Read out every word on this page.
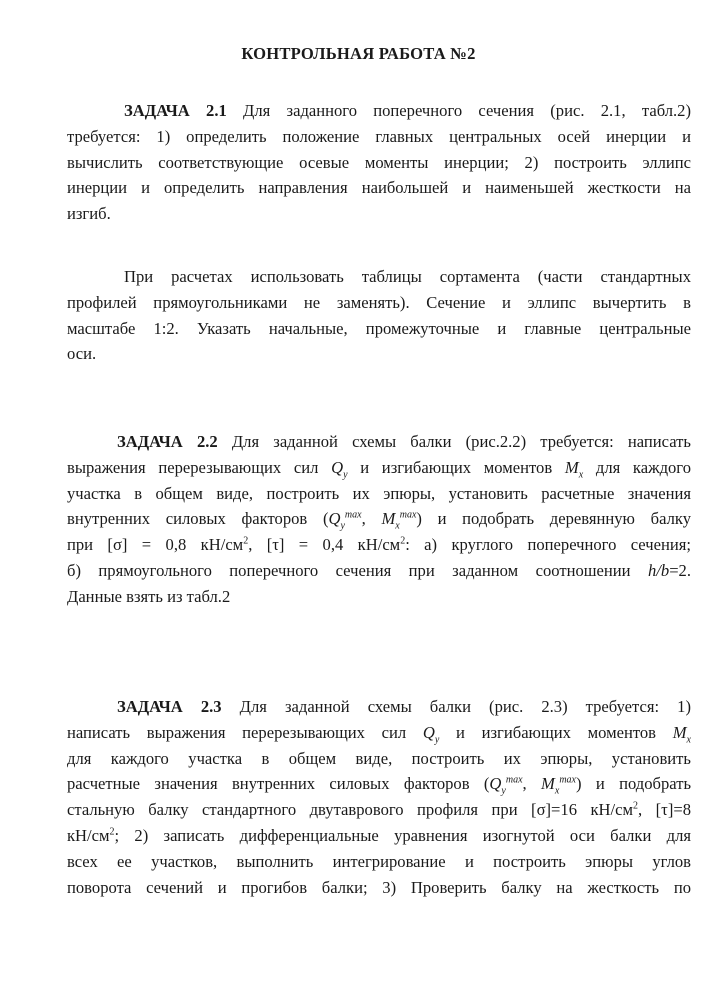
КОНТРОЛЬНАЯ РАБОТА №2
ЗАДАЧА 2.1 Для заданного поперечного сечения (рис. 2.1, табл.2)
требуется: 1) определить положение главных центральных осей инерции и
вычислить соответствующие осевые моменты инерции; 2) построить эллипс
инерции и определить направления наибольшей и наименьшей жесткости на
изгиб.
При расчетах использовать таблицы сортамента (части стандартных
профилей прямоугольниками не заменять). Сечение и эллипс вычертить в
масштабе 1:2. Указать начальные, промежуточные и главные центральные
оси.
ЗАДАЧА 2.2 Для заданной схемы балки (рис.2.2) требуется: написать
выражения перерезывающих сил $Q_y$ и изгибающих моментов $M_x$ для каждого
участка в общем виде, построить их эпюры, установить расчетные значения
внутренних силовых факторов ($Q_y^{max}$, $M_x^{max}$) и подобрать деревянную балку
при [σ] = 0,8 $кН/см^2$, [τ] = 0,4 $кН/см^2$: а) круглого поперечного сечения;
б) прямоугольного поперечного сечения при заданном соотношении h/b=2.
Данные взять из табл.2
ЗАДАЧА 2.3 Для заданной схемы балки (рис. 2.3) требуется: 1)
написать выражения перерезывающих сил $Q_y$ и изгибающих моментов $M_x$
для каждого участка в общем виде, построить их эпюры, установить
расчетные значения внутренних силовых факторов ($Q_y^{max}$, $M_x^{max}$) и подобрать
стальную балку стандартного двутаврового профиля при [σ]=16 $кН/см^2$, [τ]=8
$кН/см^2$; 2) записать дифференциальные уравнения изогнутой оси балки для
всех ее участков, выполнить интегрирование и построить эпюры углов
поворота сечений и прогибов балки; 3) Проверить балку на жесткость по
